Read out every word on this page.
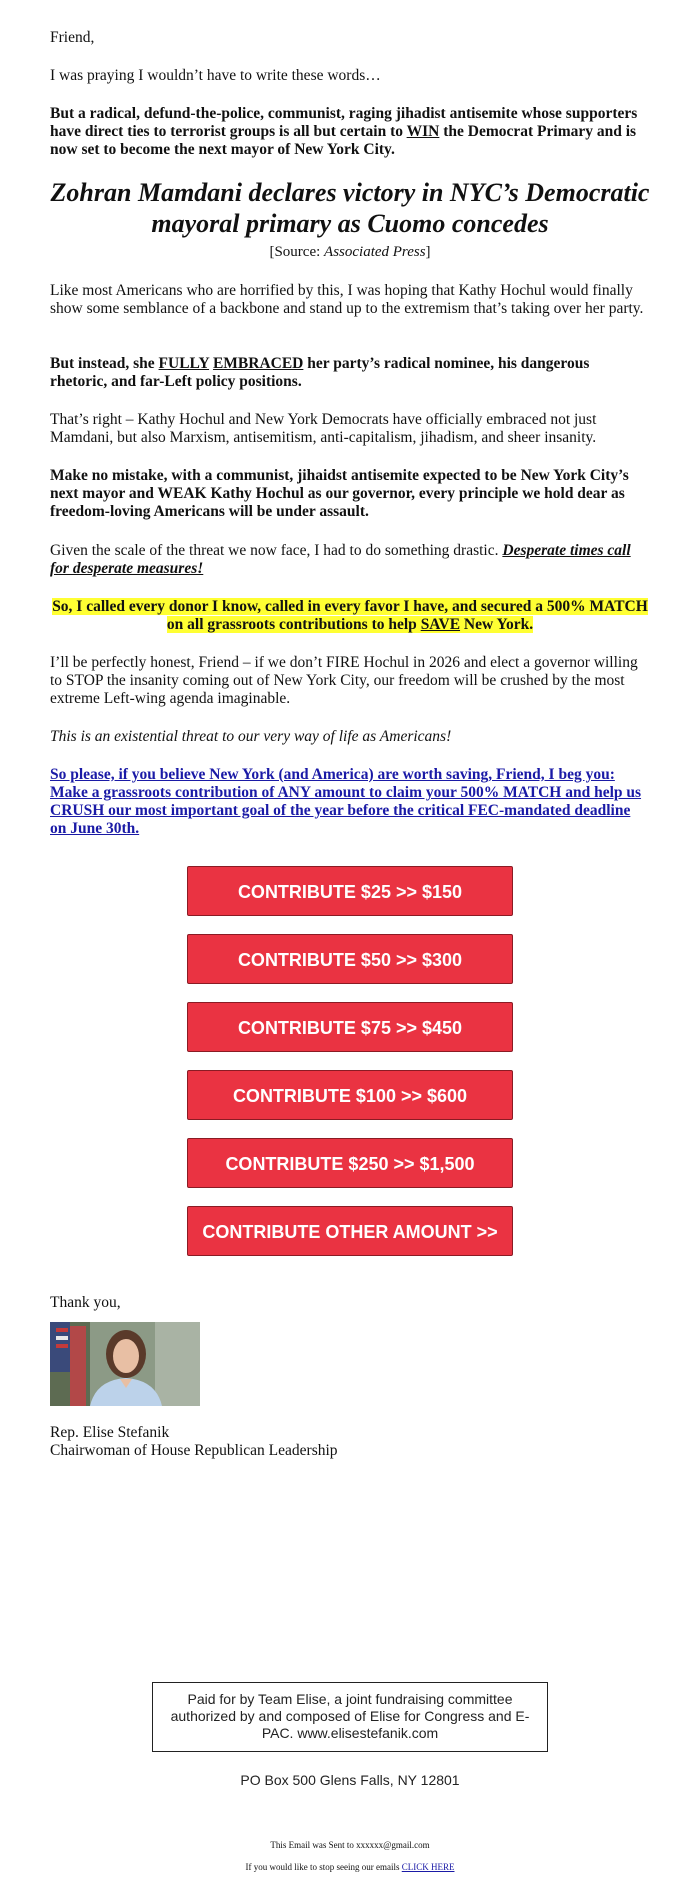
Friend,

I was praying I wouldn’t have to write these words…

But a radical, defund-the-police, communist, raging jihadist antisemite whose supporters have direct ties to terrorist groups is all but certain to WIN the Democrat Primary and is now set to become the next mayor of New York City.

Zohran Mamdani declares victory in NYC’s Democratic mayoral primary as Cuomo concedes

[Source: Associated Press]

Like most Americans who are horrified by this, I was hoping that Kathy Hochul would finally show some semblance of a backbone and stand up to the extremism that’s taking over her party.

But instead, she FULLY EMBRACED her party’s radical nominee, his dangerous rhetoric, and far-Left policy positions.

That’s right – Kathy Hochul and New York Democrats have officially embraced not just Mamdani, but also Marxism, antisemitism, anti-capitalism, jihadism, and sheer insanity.

Make no mistake, with a communist, jihaidst antisemite expected to be New York City’s next mayor and WEAK Kathy Hochul as our governor, every principle we hold dear as freedom-loving Americans will be under assault.

Given the scale of the threat we now face, I had to do something drastic. Desperate times call for desperate measures!

So, I called every donor I know, called in every favor I have, and secured a 500% MATCH on all grassroots contributions to help SAVE New York.

I’ll be perfectly honest, Friend – if we don’t FIRE Hochul in 2026 and elect a governor willing to STOP the insanity coming out of New York City, our freedom will be crushed by the most extreme Left-wing agenda imaginable.

This is an existential threat to our very way of life as Americans!

So please, if you believe New York (and America) are worth saving, Friend, I beg you: Make a grassroots contribution of ANY amount to claim your 500% MATCH and help us CRUSH our most important goal of the year before the critical FEC-mandated deadline on June 30th.
CONTRIBUTE $25 >> $150
CONTRIBUTE $50 >> $300
CONTRIBUTE $75 >> $450
CONTRIBUTE $100 >> $600
CONTRIBUTE $250 >> $1,500
CONTRIBUTE OTHER AMOUNT >>

Thank you,

Rep. Elise Stefanik

Chairwoman of House Republican Leadership

Paid for by Team Elise, a joint fundraising committee authorized by and composed of Elise for Congress and E-PAC. www.elisestefanik.com
PO Box 500 Glens Falls, NY 12801
This Email was Sent to xxxxxx@gmail.com
If you would like to stop seeing our emails CLICK HERE
